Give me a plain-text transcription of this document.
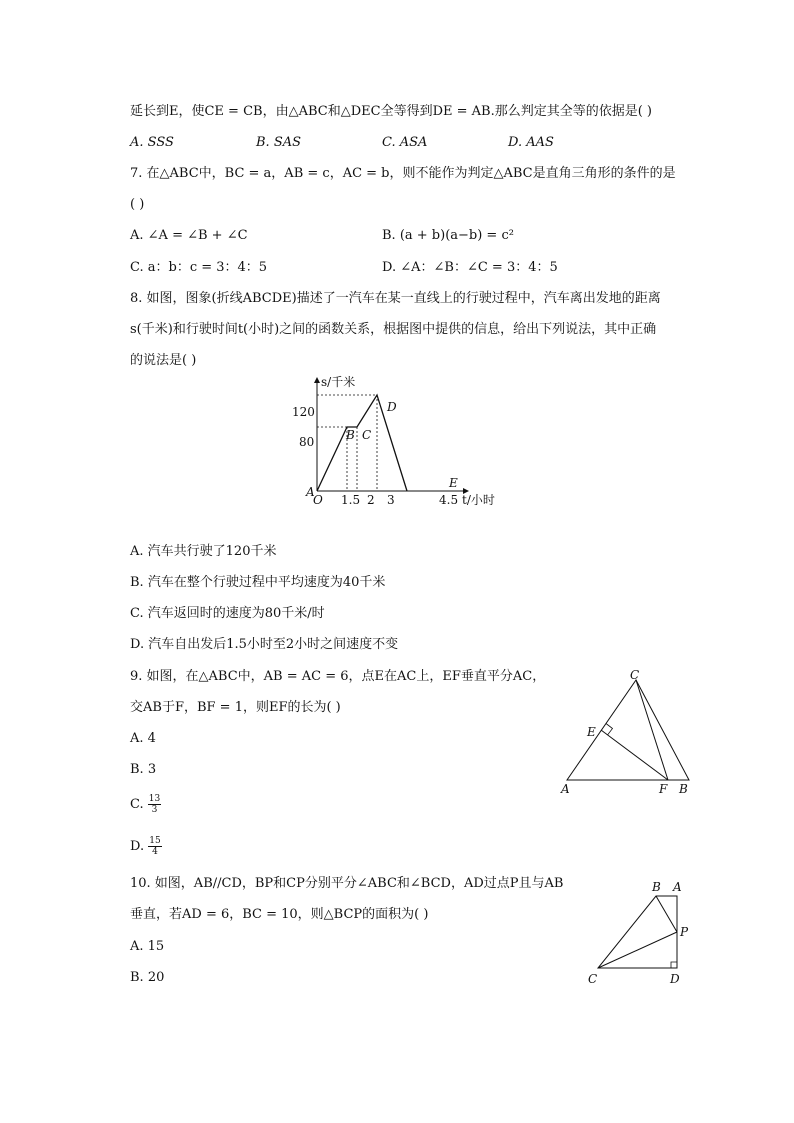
延长到E，使CE = CB，由△ABC和△DEC全等得到DE = AB.那么判定其全等的依据是( )
A. SSS	B. SAS	C. ASA	D. AAS
7. 在△ABC中，BC = a，AB = c，AC = b，则不能作为判定△ABC是直角三角形的条件的是
( )
A. ∠A = ∠B + ∠C	B. (a + b)(a−b) = c²
C. a：b：c = 3：4：5	D. ∠A：∠B：∠C = 3：4：5
8. 如图，图象(折线ABCDE)描述了一汽车在某一直线上的行驶过程中，汽车离出发地的距离
s(千米)和行驶时间t(小时)之间的函数关系，根据图中提供的信息，给出下列说法，其中正确
的说法是( )
s/千米
t/小时
120
80
1.5 2 3	4.5
O
A
B C
D
E
A. 汽车共行驶了120千米
B. 汽车在整个行驶过程中平均速度为40千米
C. 汽车返回时的速度为80千米/时
D. 汽车自出发后1.5小时至2小时之间速度不变
9. 如图，在△ABC中，AB = AC = 6，点E在AC上，EF垂直平分AC，
交AB于F，BF = 1，则EF的长为( )
A. 4
B. 3
C. $\frac{13}{3}$
D. $\frac{15}{4}$
C
E
A	F B
10. 如图，AB//CD，BP和CP分别平分∠ABC和∠BCD，AD过点P且与AB
垂直，若AD = 6，BC = 10，则△BCP的面积为( )
A. 15
B. 20
B A
P
C	D
